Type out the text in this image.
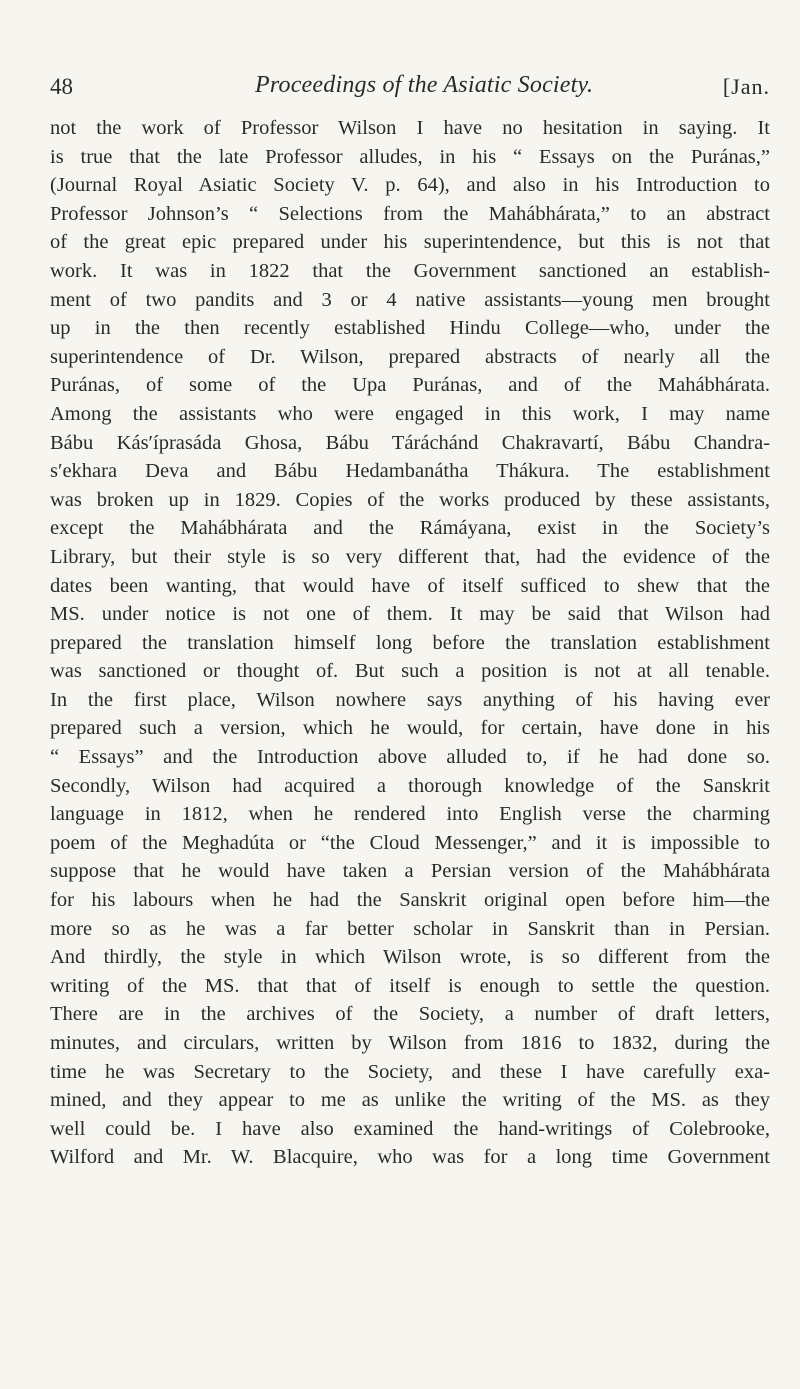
48	Proceedings of the Asiatic Society.	[Jan.
not the work of Professor Wilson I have no hesitation in saying. It
is true that the late Professor alludes, in his “ Essays on the Puránas,”
(Journal Royal Asiatic Society V. p. 64), and also in his Introduction to
Professor Johnson’s “ Selections from the Mahábhárata,” to an abstract
of the great epic prepared under his superintendence, but this is not that
work. It was in 1822 that the Government sanctioned an establish-
ment of two pandits and 3 or 4 native assistants—young men brought
up in the then recently established Hindu College—who, under the
superintendence of Dr. Wilson, prepared abstracts of nearly all the
Puránas, of some of the Upa Puránas, and of the Mahábhárata.
Among the assistants who were engaged in this work, I may name
Bábu Kás′íprasáda Ghosa, Bábu Táráchánd Chakravartí, Bábu Chandra-
s′ekhara Deva and Bábu Hedambanátha Thákura. The establishment
was broken up in 1829. Copies of the works produced by these assistants,
except the Mahábhárata and the Rámáyana, exist in the Society’s
Library, but their style is so very different that, had the evidence of the
dates been wanting, that would have of itself sufficed to shew that the
MS. under notice is not one of them. It may be said that Wilson had
prepared the translation himself long before the translation establishment
was sanctioned or thought of. But such a position is not at all tenable.
In the first place, Wilson nowhere says anything of his having ever
prepared such a version, which he would, for certain, have done in his
“ Essays” and the Introduction above alluded to, if he had done so.
Secondly, Wilson had acquired a thorough knowledge of the Sanskrit
language in 1812, when he rendered into English verse the charming
poem of the Meghadúta or “the Cloud Messenger,” and it is impossible to
suppose that he would have taken a Persian version of the Mahábhárata
for his labours when he had the Sanskrit original open before him—the
more so as he was a far better scholar in Sanskrit than in Persian.
And thirdly, the style in which Wilson wrote, is so different from the
writing of the MS. that that of itself is enough to settle the question.
There are in the archives of the Society, a number of draft letters,
minutes, and circulars, written by Wilson from 1816 to 1832, during the
time he was Secretary to the Society, and these I have carefully exa-
mined, and they appear to me as unlike the writing of the MS. as they
well could be. I have also examined the hand-writings of Colebrooke,
Wilford and Mr. W. Blacquire, who was for a long time Government
